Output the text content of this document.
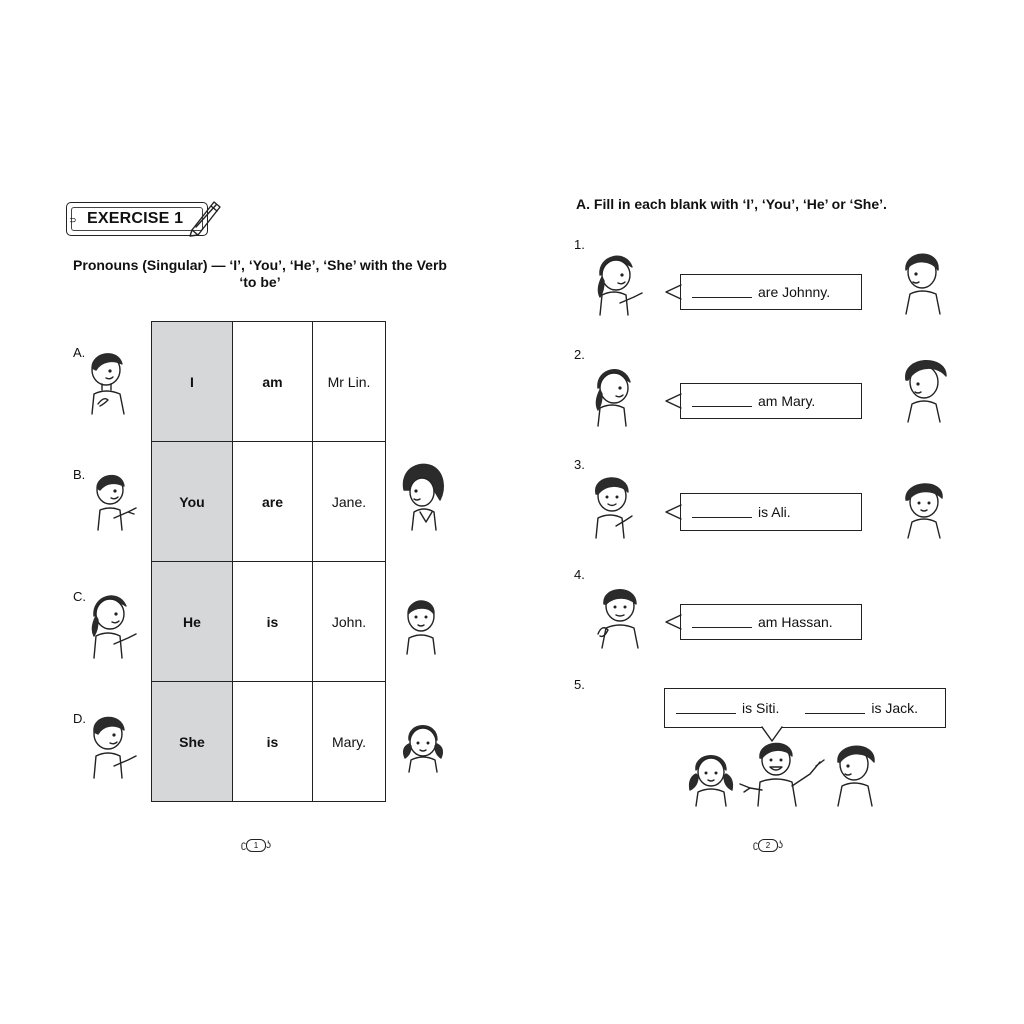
⊃ EXERCISE 1
Pronouns (Singular) — ‘I’, ‘You’, ‘He’, ‘She’ with the Verb
‘to be’
I	am	Mr Lin.
You	are	Jane.
He	is	John.
She	is	Mary.
A.
B.
C.
D.
ʗ 1 ʖ
A. Fill in each blank with ‘I’, ‘You’, ‘He’ or ‘She’.
1.
are Johnny.
2.
am Mary.
3.
is Ali.
4.
am Hassan.
5.
is Siti.	is Jack.
ʗ 2 ʖ
